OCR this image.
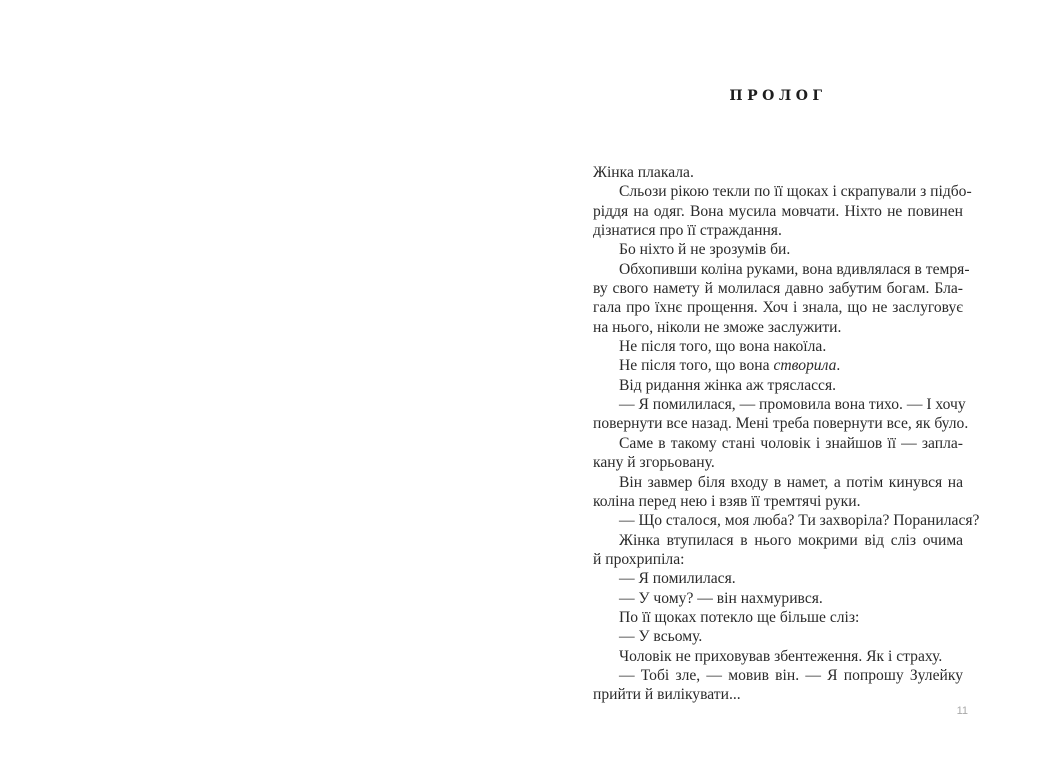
ПРОЛОГ
Жінка плакала.
Сльози рікою текли по її щоках і скрапували з підбо-
ріддя на одяг. Вона мусила мовчати. Ніхто не повинен
дізнатися про її страждання.
Бо ніхто й не зрозумів би.
Обхопивши коліна руками, вона вдивлялася в темря-
ву свого намету й молилася давно забутим богам. Бла-
гала про їхнє прощення. Хоч і знала, що не заслуговує
на нього, ніколи не зможе заслужити.
Не після того, що вона накоїла.
Не після того, що вона створила.
Від ридання жінка аж трясласся.
— Я помилилася, — промовила вона тихо. — І хочу
повернути все назад. Мені треба повернути все, як було.
Саме в такому стані чоловік і знайшов її — запла-
кану й згорьовану.
Він завмер біля входу в намет, а потім кинувся на
коліна перед нею і взяв її тремтячі руки.
— Що сталося, моя люба? Ти захворіла? Поранилася?
Жінка втупилася в нього мокрими від сліз очима
й прохрипіла:
— Я помилилася.
— У чому? — він нахмурився.
По її щоках потекло ще більше сліз:
— У всьому.
Чоловік не приховував збентеження. Як і страху.
— Тобі зле, — мовив він. — Я попрошу Зулейку
прийти й вилікувати...
11
